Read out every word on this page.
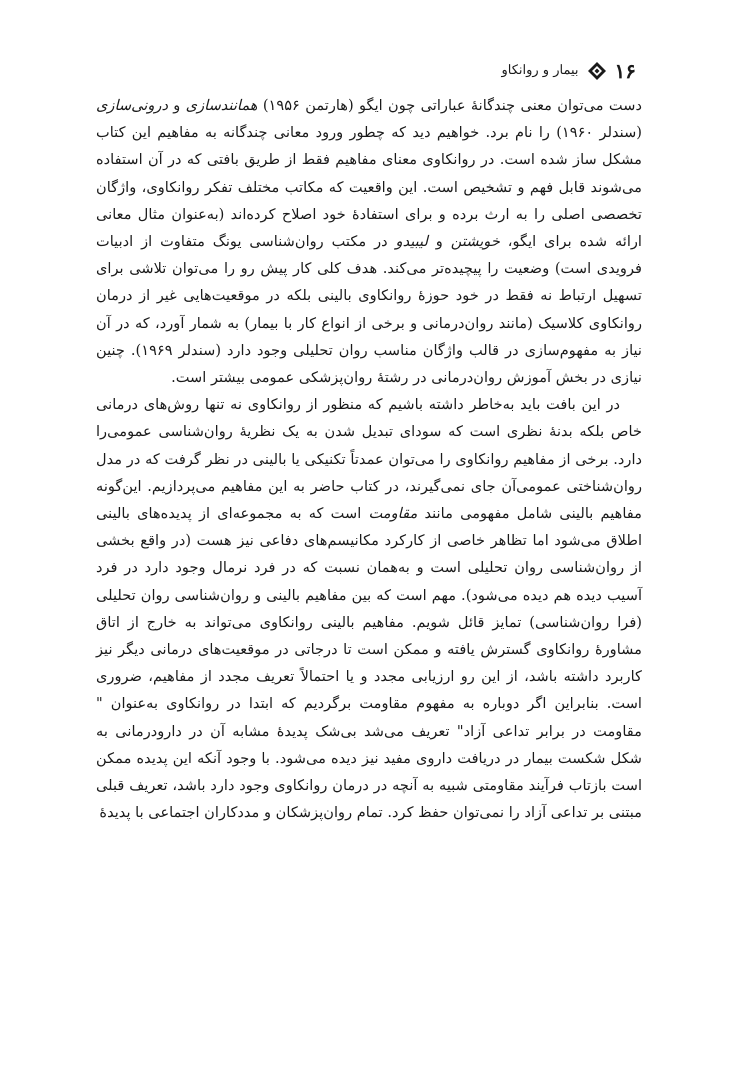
۱۶
بیمار و روانکاو

دست می‌توان معنی چندگانهٔ عباراتی چون ایگو (هارتمن ۱۹۵۶) همانندسازی و درونی‌سازی (سندلر ۱۹۶۰) را نام برد. خواهیم دید که چطور ورود معانی چندگانه به مفاهیم این کتاب مشکل ساز شده است. در روانکاوی معنای مفاهیم فقط از طریق بافتی که در آن استفاده می‌شوند قابل فهم و تشخیص است. این واقعیت که مکاتب مختلف تفکر روانکاوی، واژگان تخصصی اصلی را به ارث برده و برای استفادهٔ خود اصلاح کرده‌اند (به‌عنوان مثال معانی ارائه شده برای ایگو، خویشتن و لیبیدو در مکتب روان‌شناسی یونگ متفاوت از ادبیات فرویدی است) وضعیت را پیچیده‌تر می‌کند. هدف کلی کار پیش رو را می‌توان تلاشی برای تسهیل ارتباط نه فقط در خود حوزهٔ روانکاوی بالینی بلکه در موقعیت‌هایی غیر از درمان روانکاوی کلاسیک (مانند روان‌درمانی و برخی از انواع کار با بیمار) به شمار آورد، که در آن نیاز به مفهوم‌سازی در قالب واژگان مناسب روان تحلیلی وجود دارد (سندلر ۱۹۶۹). چنین نیازی در بخش آموزش روان‌درمانی در رشتهٔ روان‌پزشکی عمومی بیشتر است.

در این بافت باید به‌خاطر داشته باشیم که منظور از روانکاوی نه تنها روش‌های درمانی خاص بلکه بدنهٔ نظری است که سودای تبدیل شدن به یک نظریهٔ روان‌شناسی عمومی‌را دارد. برخی از مفاهیم روانکاوی را می‌توان عمدتاً تکنیکی یا بالینی در نظر گرفت که در مدل روان‌شناختی عمومی‌آن جای نمی‌گیرند، در کتاب حاضر به این مفاهیم می‌پردازیم. این‌گونه مفاهیم بالینی شامل مفهومی مانند مقاومت است که به مجموعه‌ای از پدیده‌های بالینی اطلاق می‌شود اما تظاهر خاصی از کارکرد مکانیسم‌های دفاعی نیز هست (در واقع بخشی از روان‌شناسی روان تحلیلی است و به‌همان نسبت که در فرد نرمال وجود دارد در فرد آسیب دیده هم دیده می‌شود). مهم است که بین مفاهیم بالینی و روان‌شناسی روان تحلیلی (فرا روان‌شناسی) تمایز قائل شویم. مفاهیم بالینی روانکاوی می‌تواند به خارج از اتاق مشاورهٔ روانکاوی گسترش یافته و ممکن است تا درجاتی در موقعیت‌های درمانی دیگر نیز کاربرد داشته باشد، از این رو ارزیابی مجدد و یا احتمالاً تعریف مجدد از مفاهیم، ضروری است. بنابراین اگر دوباره به مفهوم مقاومت برگردیم که ابتدا در روانکاوی به‌عنوان " مقاومت در برابر تداعی آزاد" تعریف می‌شد بی‌شک پدیدهٔ مشابه آن در دارودرمانی به شکل شکست بیمار در دریافت داروی مفید نیز دیده می‌شود. با وجود آنکه این پدیده ممکن است بازتاب فرآیند مقاومتی شبیه به آنچه در درمان روانکاوی وجود دارد باشد، تعریف قبلی مبتنی بر تداعی آزاد را نمی‌توان حفظ کرد. تمام روان‌پزشکان و مددکاران اجتماعی با پدیدهٔ
